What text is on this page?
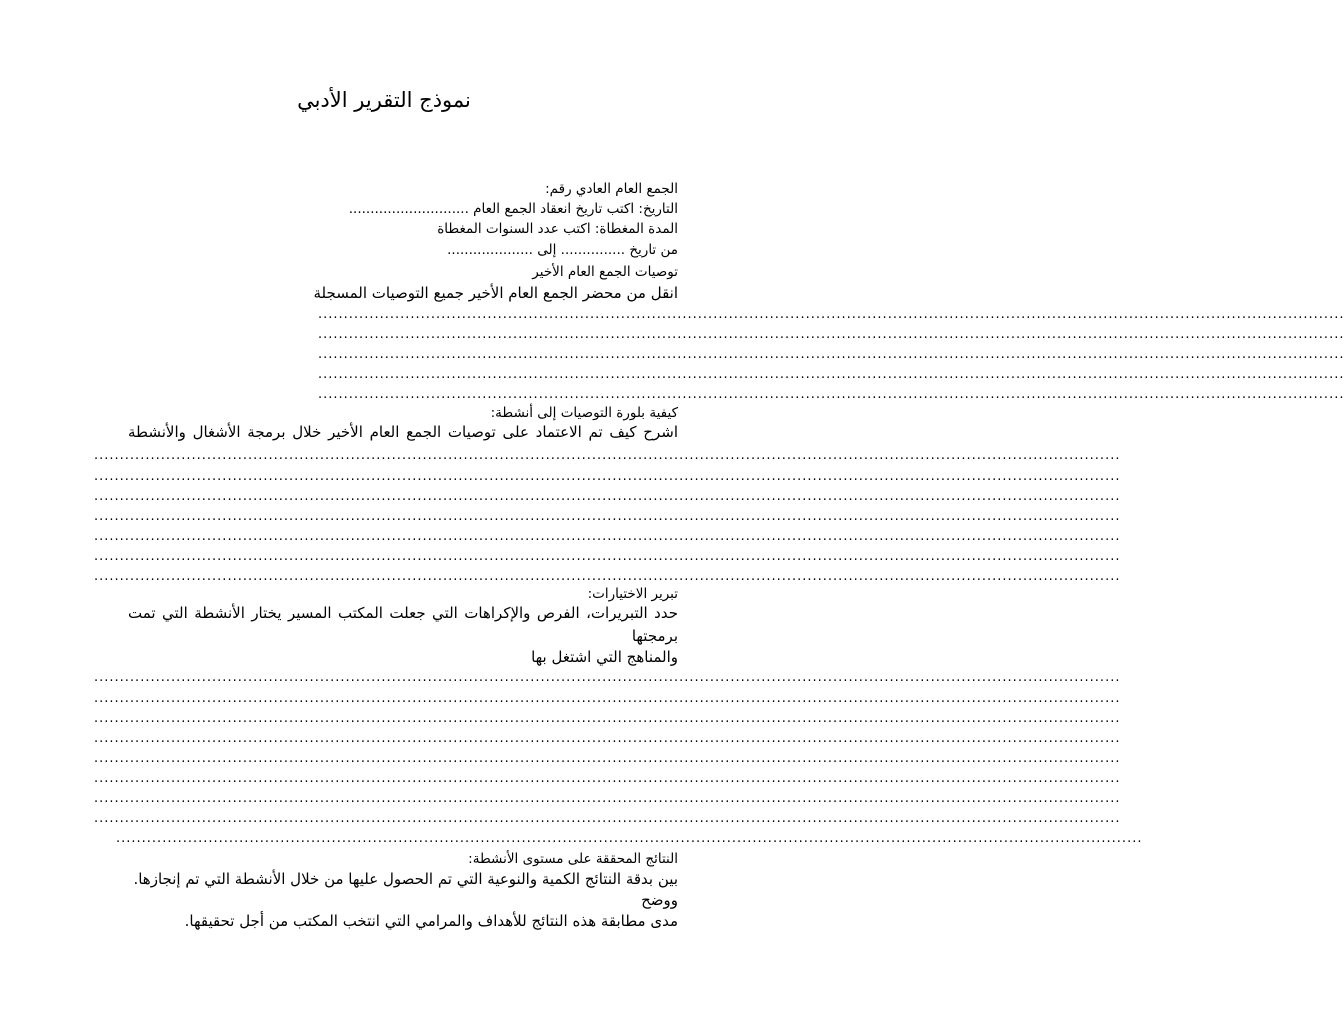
نموذج التقرير الأدبي
الجمع العام العادي رقم:
التاريخ: اكتب تاريخ انعقاد الجمع العام ............................
المدة المغطاة: اكتب عدد السنوات المغطاة
من تاريخ ............... إلى ....................
توصيات الجمع العام الأخير
انقل من محضر الجمع العام الأخير جميع التوصيات المسجلة
........................................................................................................................................................................................................
........................................................................................................................................................................................................
........................................................................................................................................................................................................
........................................................................................................................................................................................................
........................................................................................................................................................................................................
كيفية بلورة التوصيات إلى أنشطة:
اشرح كيف تم الاعتماد على توصيات الجمع العام الأخير خلال برمجة الأشغال والأنشطة
........................................................................................................................................................................................................
........................................................................................................................................................................................................
........................................................................................................................................................................................................
........................................................................................................................................................................................................
........................................................................................................................................................................................................
........................................................................................................................................................................................................
........................................................................................................................................................................................................
تبرير الاختيارات:
حدد التبريرات، الفرص والإكراهات التي جعلت المكتب المسير يختار الأنشطة التي تمت
برمجتها
والمناهج التي اشتغل بها
........................................................................................................................................................................................................
........................................................................................................................................................................................................
........................................................................................................................................................................................................
........................................................................................................................................................................................................
........................................................................................................................................................................................................
........................................................................................................................................................................................................
........................................................................................................................................................................................................
........................................................................................................................................................................................................
........................................................................................................................................................................................................
النتائج المحققة على مستوى الأنشطة:
بين بدقة النتائج الكمية والنوعية التي تم الحصول عليها من خلال الأنشطة التي تم إنجازها.
ووضح
مدى مطابقة هذه النتائج للأهداف والمرامي التي انتخب المكتب من أجل تحقيقها.
